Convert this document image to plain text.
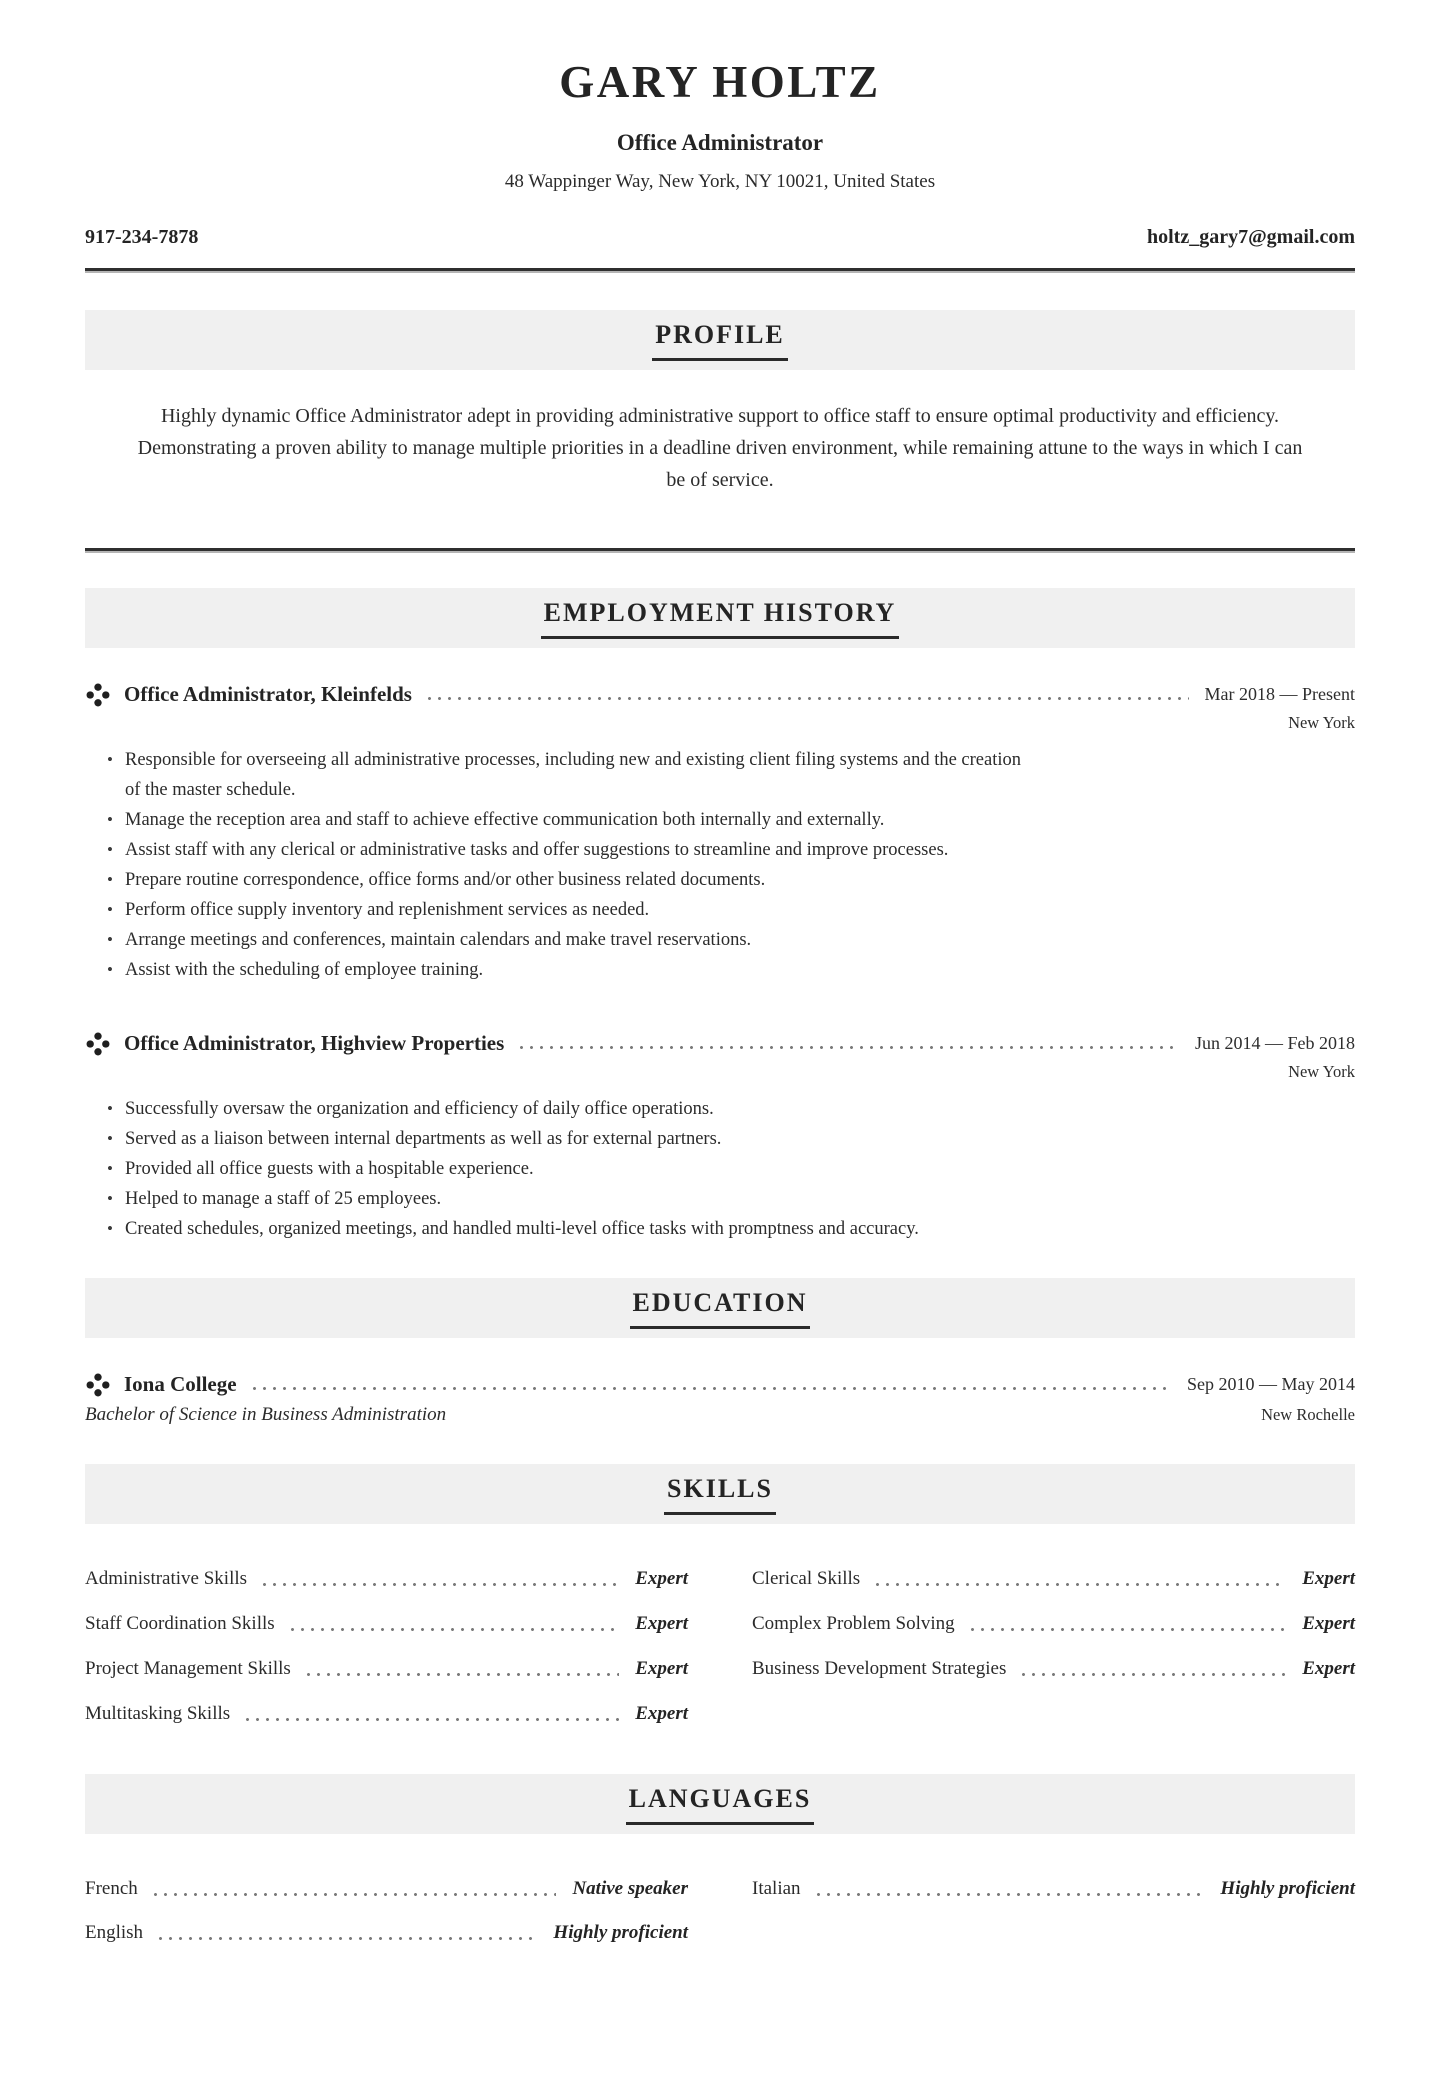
GARY HOLTZ
Office Administrator
48 Wappinger Way, New York, NY 10021, United States
917-234-7878	holtz_gary7@gmail.com
PROFILE

Highly dynamic Office Administrator adept in providing administrative support to office staff to ensure optimal productivity and efficiency. Demonstrating a proven ability to manage multiple priorities in a deadline driven environment, while remaining attune to the ways in which I can be of service.

EMPLOYMENT HISTORY
Office Administrator, Kleinfelds	Mar 2018 — Present
New York
• Responsible for overseeing all administrative processes, including new and existing client filing systems and the creation of the master schedule.
• Manage the reception area and staff to achieve effective communication both internally and externally.
• Assist staff with any clerical or administrative tasks and offer suggestions to streamline and improve processes.
• Prepare routine correspondence, office forms and/or other business related documents.
• Perform office supply inventory and replenishment services as needed.
• Arrange meetings and conferences, maintain calendars and make travel reservations.
• Assist with the scheduling of employee training.
Office Administrator, Highview Properties	Jun 2014 — Feb 2018
New York
• Successfully oversaw the organization and efficiency of daily office operations.
• Served as a liaison between internal departments as well as for external partners.
• Provided all office guests with a hospitable experience.
• Helped to manage a staff of 25 employees.
• Created schedules, organized meetings, and handled multi-level office tasks with promptness and accuracy.
EDUCATION
Iona College	Sep 2010 — May 2014
Bachelor of Science in Business Administration	New Rochelle
SKILLS
Administrative Skills	Expert
Staff Coordination Skills	Expert
Project Management Skills	Expert
Multitasking Skills	Expert
Clerical Skills	Expert
Complex Problem Solving	Expert
Business Development Strategies	Expert
LANGUAGES
French	Native speaker
English	Highly proficient
Italian	Highly proficient
